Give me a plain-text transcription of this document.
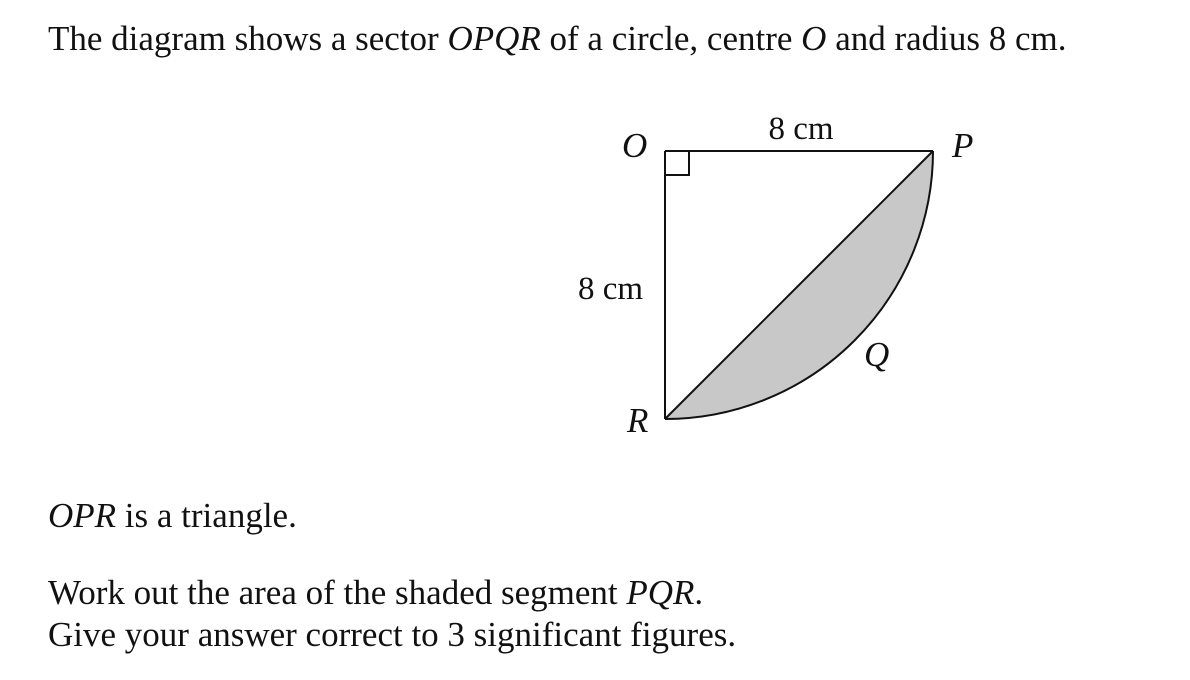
The diagram shows a sector OPQR of a circle, centre O and radius 8 cm.
O	P
Q
R
8 cm
8 cm
OPR is a triangle.
Work out the area of the shaded segment PQR.
Give your answer correct to 3 significant figures.
